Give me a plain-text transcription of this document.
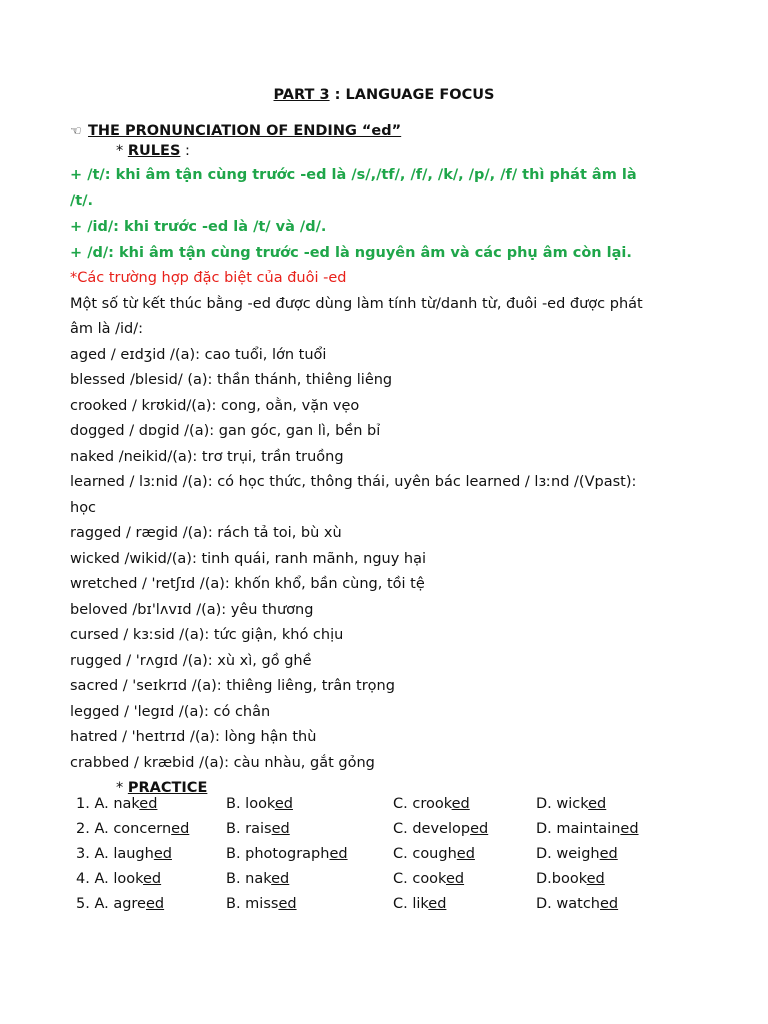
PART 3 : LANGUAGE FOCUS
☜ THE PRONUNCIATION OF ENDING “ed”
* RULES :
+ /t/: khi âm tận cùng trước -ed là /s/,/tf/, /f/, /k/, /p/, /f/ thì phát âm là
/t/.
+ /id/: khi trước -ed là /t/ và /d/.
+ /d/: khi âm tận cùng trước -ed là nguyên âm và các phụ âm còn lại.
*Các trường hợp đặc biệt của đuôi -ed
Một số từ kết thúc bằng -ed được dùng làm tính từ/danh từ, đuôi -ed được phát
âm là /id/:
aged / eɪdʒid /(a): cao tuổi, lớn tuổi
blessed /blesid/ (a): thần thánh, thiêng liêng
crooked / krʊkid/(a): cong, oằn, vặn vẹo
dogged / dɒgid /(a): gan góc, gan lì, bền bỉ
naked /neikid/(a): trơ trụi, trần truồng
learned / lɜːnid /(a): có học thức, thông thái, uyên bác learned / lɜːnd /(Vpast):
học
ragged / rægid /(a): rách tả toi, bù xù
wicked /wikid/(a): tinh quái, ranh mãnh, nguy hại
wretched / 'retʃɪd /(a): khốn khổ, bần cùng, tồi tệ
beloved /bɪ'lʌvɪd /(a): yêu thương
cursed / kɜːsid /(a): tức giận, khó chịu
rugged / 'rʌgɪd /(a): xù xì, gồ ghề
sacred / 'seɪkrɪd /(a): thiêng liêng, trân trọng
legged / 'legɪd /(a): có chân
hatred / 'heɪtrɪd /(a): lòng hận thù
crabbed / kræbid /(a): càu nhàu, gắt gỏng
* PRACTICE
1. A. naked	B. looked	C. crooked	D. wicked
2. A. concerned	B. raised	C. developed	D. maintained
3. A. laughed	B. photographed	C. coughed	D. weighed
4. A. looked	B. naked	C. cooked	D.booked
5. A. agreed	B. missed	C. liked	D. watched
